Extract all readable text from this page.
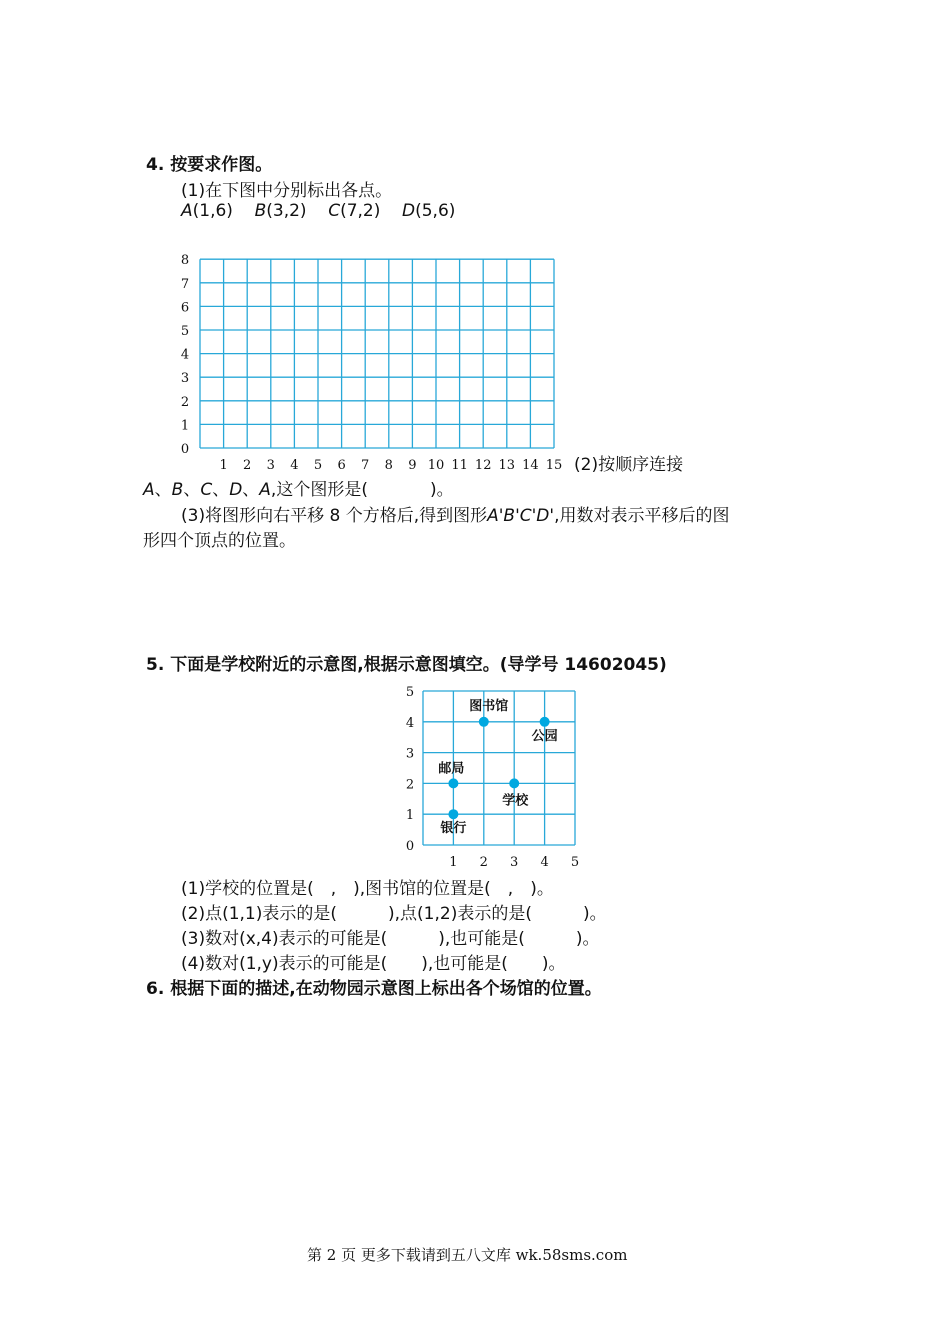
4. 按要求作图。
(1)在下图中分别标出各点。
A(1,6) B(3,2) C(7,2) D(5,6)
0
1
2
3
4
5
6
7
8
1 2 3 4 5 6 7 8 9 10 11 12 13 14 15 (2)按顺序连接
A、B、C、D、A,这个图形是(	)。
(3)将图形向右平移 8 个方格后,得到图形A'B'C'D',用数对表示平移后的图
形四个顶点的位置。
5. 下面是学校附近的示意图,根据示意图填空。(导学号 14602045)
0
1
2
3
4
5
1 2 3 4 5
图书馆
公园
邮局
学校
银行
(1)学校的位置是(　,　),图书馆的位置是(　,　)。
(2)点(1,1)表示的是(　　　),点(1,2)表示的是(　　　)。
(3)数对(x,4)表示的可能是(　　　),也可能是(　　　)。
(4)数对(1,y)表示的可能是(　　),也可能是(　　)。
6. 根据下面的描述,在动物园示意图上标出各个场馆的位置。
第 2 页 更多下载请到五八文库 wk.58sms.com
